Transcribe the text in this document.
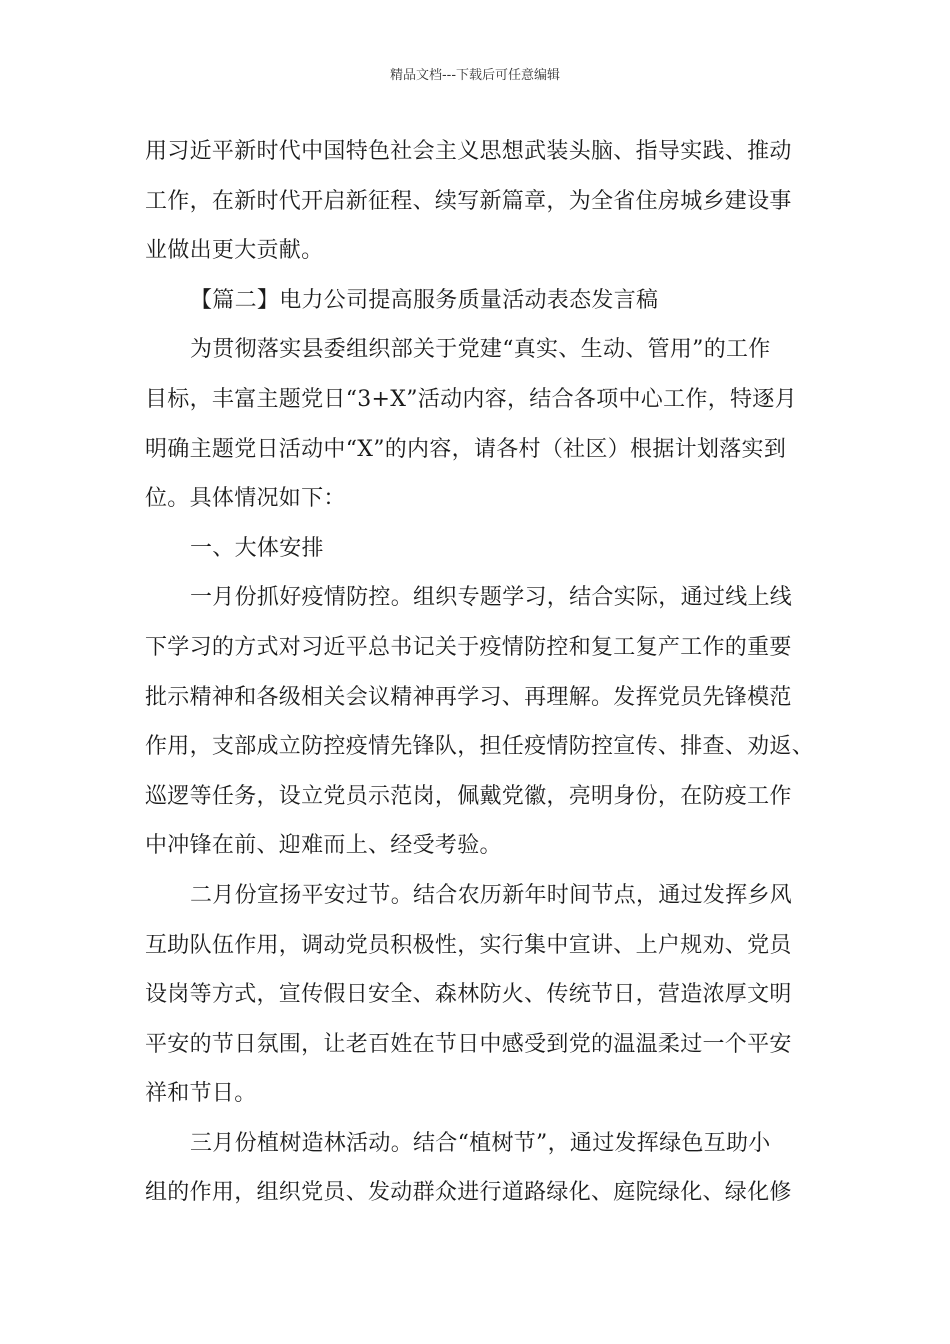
精品文档---下载后可任意编辑
用习近平新时代中国特色社会主义思想武装头脑、指导实践、推动
工作，在新时代开启新征程、续写新篇章，为全省住房城乡建设事
业做出更大贡献。
【篇二】电力公司提高服务质量活动表态发言稿
为贯彻落实县委组织部关于党建“真实、生动、管用”的工作
目标，丰富主题党日“3+X”活动内容，结合各项中心工作，特逐月
明确主题党日活动中“X”的内容，请各村（社区）根据计划落实到
位。具体情况如下：
一、大体安排
一月份抓好疫情防控。组织专题学习，结合实际，通过线上线
下学习的方式对习近平总书记关于疫情防控和复工复产工作的重要
批示精神和各级相关会议精神再学习、再理解。发挥党员先锋模范
作用，支部成立防控疫情先锋队，担任疫情防控宣传、排查、劝返、
巡逻等任务，设立党员示范岗，佩戴党徽，亮明身份，在防疫工作
中冲锋在前、迎难而上、经受考验。
二月份宣扬平安过节。结合农历新年时间节点，通过发挥乡风
互助队伍作用，调动党员积极性，实行集中宣讲、上户规劝、党员
设岗等方式，宣传假日安全、森林防火、传统节日，营造浓厚文明
平安的节日氛围，让老百姓在节日中感受到党的温温柔过一个平安
祥和节日。
三月份植树造林活动。结合“植树节”，通过发挥绿色互助小
组的作用，组织党员、发动群众进行道路绿化、庭院绿化、绿化修
